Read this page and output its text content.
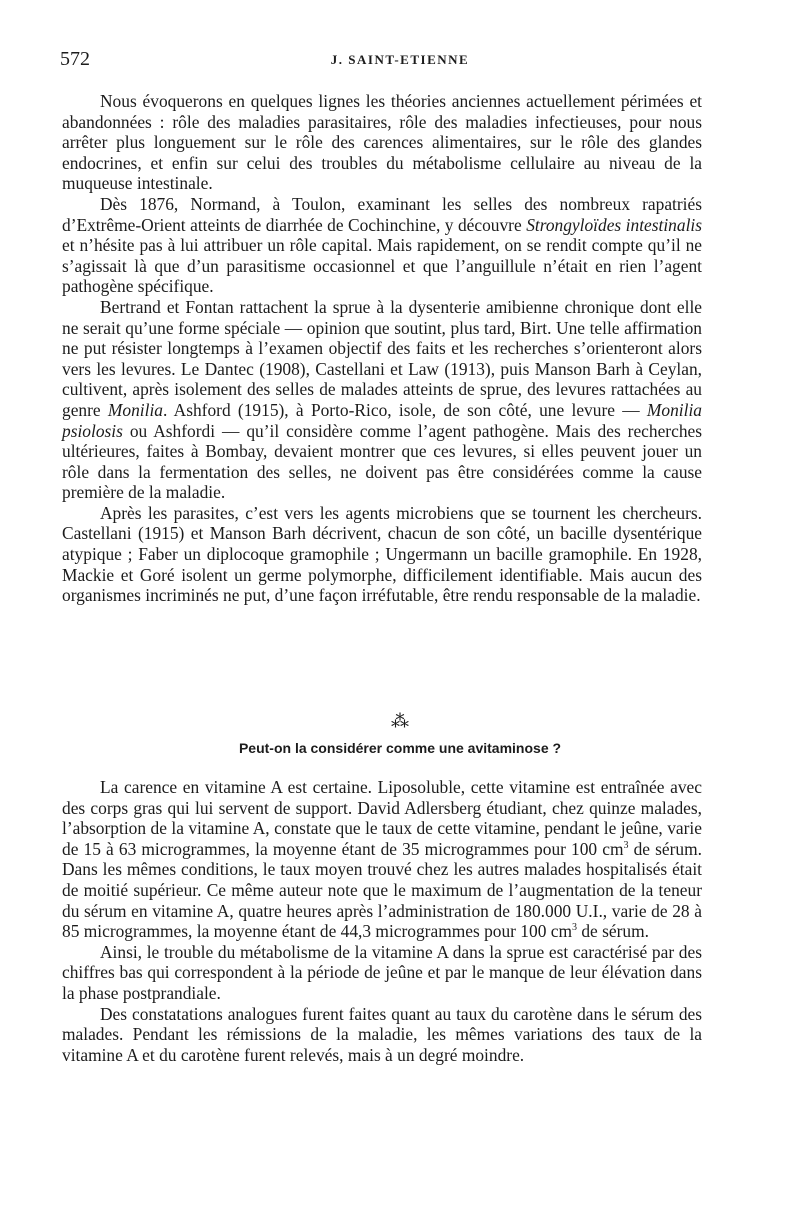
572	J. SAINT-ETIENNE

Nous évoquerons en quelques lignes les théories anciennes actuellement périmées et abandonnées : rôle des maladies parasitaires, rôle des maladies infectieuses, pour nous arrêter plus longuement sur le rôle des carences alimentaires, sur le rôle des glandes endocrines, et enfin sur celui des troubles du métabolisme cellulaire au niveau de la muqueuse intestinale.

Dès 1876, Normand, à Toulon, examinant les selles des nombreux rapatriés d’Extrême-Orient atteints de diarrhée de Cochinchine, y découvre Strongyloïdes intestinalis et n’hésite pas à lui attribuer un rôle capital. Mais rapidement, on se rendit compte qu’il ne s’agissait là que d’un parasitisme occasionnel et que l’anguillule n’était en rien l’agent pathogène spécifique.

Bertrand et Fontan rattachent la sprue à la dysenterie amibienne chronique dont elle ne serait qu’une forme spéciale — opinion que soutint, plus tard, Birt. Une telle affirmation ne put résister longtemps à l’examen objectif des faits et les recherches s’orienteront alors vers les levures. Le Dantec (1908), Castellani et Law (1913), puis Manson Barh à Ceylan, cultivent, après isolement des selles de malades atteints de sprue, des levures rattachées au genre Monilia. Ashford (1915), à Porto-Rico, isole, de son côté, une levure — Monilia psiolosis ou Ashfordi — qu’il considère comme l’agent pathogène. Mais des recherches ultérieures, faites à Bombay, devaient montrer que ces levures, si elles peuvent jouer un rôle dans la fermentation des selles, ne doivent pas être considérées comme la cause première de la maladie.

Après les parasites, c’est vers les agents microbiens que se tournent les chercheurs. Castellani (1915) et Manson Barh décrivent, chacun de son côté, un bacille dysentérique atypique ; Faber un diplocoque gramophile ; Ungermann un bacille gramophile. En 1928, Mackie et Goré isolent un germe polymorphe, difficilement identifiable. Mais aucun des organismes incriminés ne put, d’une façon irréfutable, être rendu responsable de la maladie.

⁂
Peut-on la considérer comme une avitaminose ?

La carence en vitamine A est certaine. Liposoluble, cette vitamine est entraînée avec des corps gras qui lui servent de support. David Adlersberg étudiant, chez quinze malades, l’absorption de la vitamine A, constate que le taux de cette vitamine, pendant le jeûne, varie de 15 à 63 microgrammes, la moyenne étant de 35 microgrammes pour 100 $cm^3$ de sérum. Dans les mêmes conditions, le taux moyen trouvé chez les autres malades hospitalisés était de moitié supérieur. Ce même auteur note que le maximum de l’augmentation de la teneur du sérum en vitamine A, quatre heures après l’administration de 180.000 U.I., varie de 28 à 85 microgrammes, la moyenne étant de 44,3 microgrammes pour 100 $cm^3$ de sérum.

Ainsi, le trouble du métabolisme de la vitamine A dans la sprue est caractérisé par des chiffres bas qui correspondent à la période de jeûne et par le manque de leur élévation dans la phase postprandiale.

Des constatations analogues furent faites quant au taux du carotène dans le sérum des malades. Pendant les rémissions de la maladie, les mêmes variations des taux de la vitamine A et du carotène furent relevés, mais à un degré moindre.
